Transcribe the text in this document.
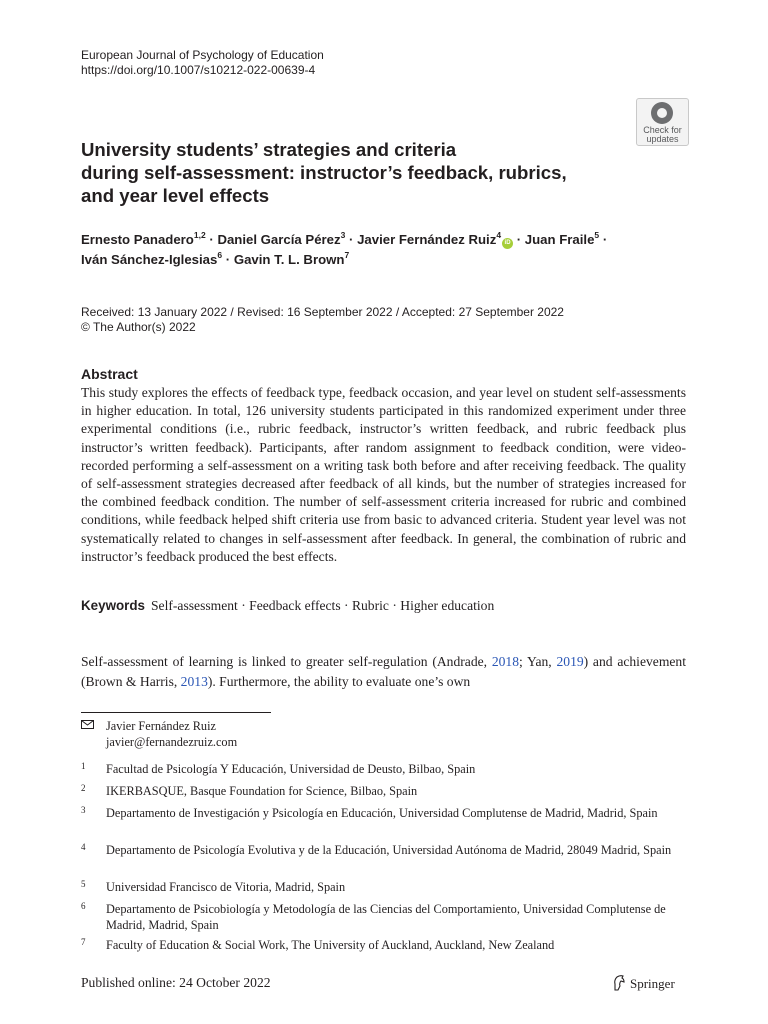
European Journal of Psychology of Education
https://doi.org/10.1007/s10212-022-00639-4
Check for
updates
University students’ strategies and criteria
during self-assessment: instructor’s feedback, rubrics,
and year level effects
Ernesto Panadero$^{1,2}$ · Daniel García Pérez$^3$ · Javier Fernández Ruiz$^4$iD · Juan Fraile$^5$ ·
Iván Sánchez-Iglesias$^6$ · Gavin T. L. Brown$^7$
Received: 13 January 2022 / Revised: 16 September 2022 / Accepted: 27 September 2022
© The Author(s) 2022
Abstract
This study explores the effects of feedback type, feedback occasion, and year level on student self-assessments in higher education. In total, 126 university students participated in this randomized experiment under three experimental conditions (i.e., rubric feedback, instructor’s written feedback, and rubric feedback plus instructor’s written feedback). Participants, after random assignment to feedback condition, were video-recorded performing a self-assessment on a writing task both before and after receiving feedback. The quality of self-assessment strategies decreased after feedback of all kinds, but the number of strategies increased for the combined feedback condition. The number of self-assessment criteria increased for rubric and combined conditions, while feedback helped shift criteria use from basic to advanced criteria. Student year level was not systematically related to changes in self-assessment after feedback. In general, the combination of rubric and instructor’s feedback produced the best effects.
Keywords Self-assessment · Feedback effects · Rubric · Higher education
Self-assessment of learning is linked to greater self-regulation (Andrade, 2018; Yan, 2019) and achievement (Brown & Harris, 2013). Furthermore, the ability to evaluate one’s own
Javier Fernández Ruiz
javier@fernandezruiz.com
1 Facultad de Psicología Y Educación, Universidad de Deusto, Bilbao, Spain
2 IKERBASQUE, Basque Foundation for Science, Bilbao, Spain
3 Departamento de Investigación y Psicología en Educación, Universidad Complutense de Madrid, Madrid, Spain
4 Departamento de Psicología Evolutiva y de la Educación, Universidad Autónoma de Madrid, 28049 Madrid, Spain
5 Universidad Francisco de Vitoria, Madrid, Spain
6 Departamento de Psicobiología y Metodología de las Ciencias del Comportamiento, Universidad Complutense de Madrid, Madrid, Spain
7 Faculty of Education & Social Work, The University of Auckland, Auckland, New Zealand
Published online: 24 October 2022	Springer
